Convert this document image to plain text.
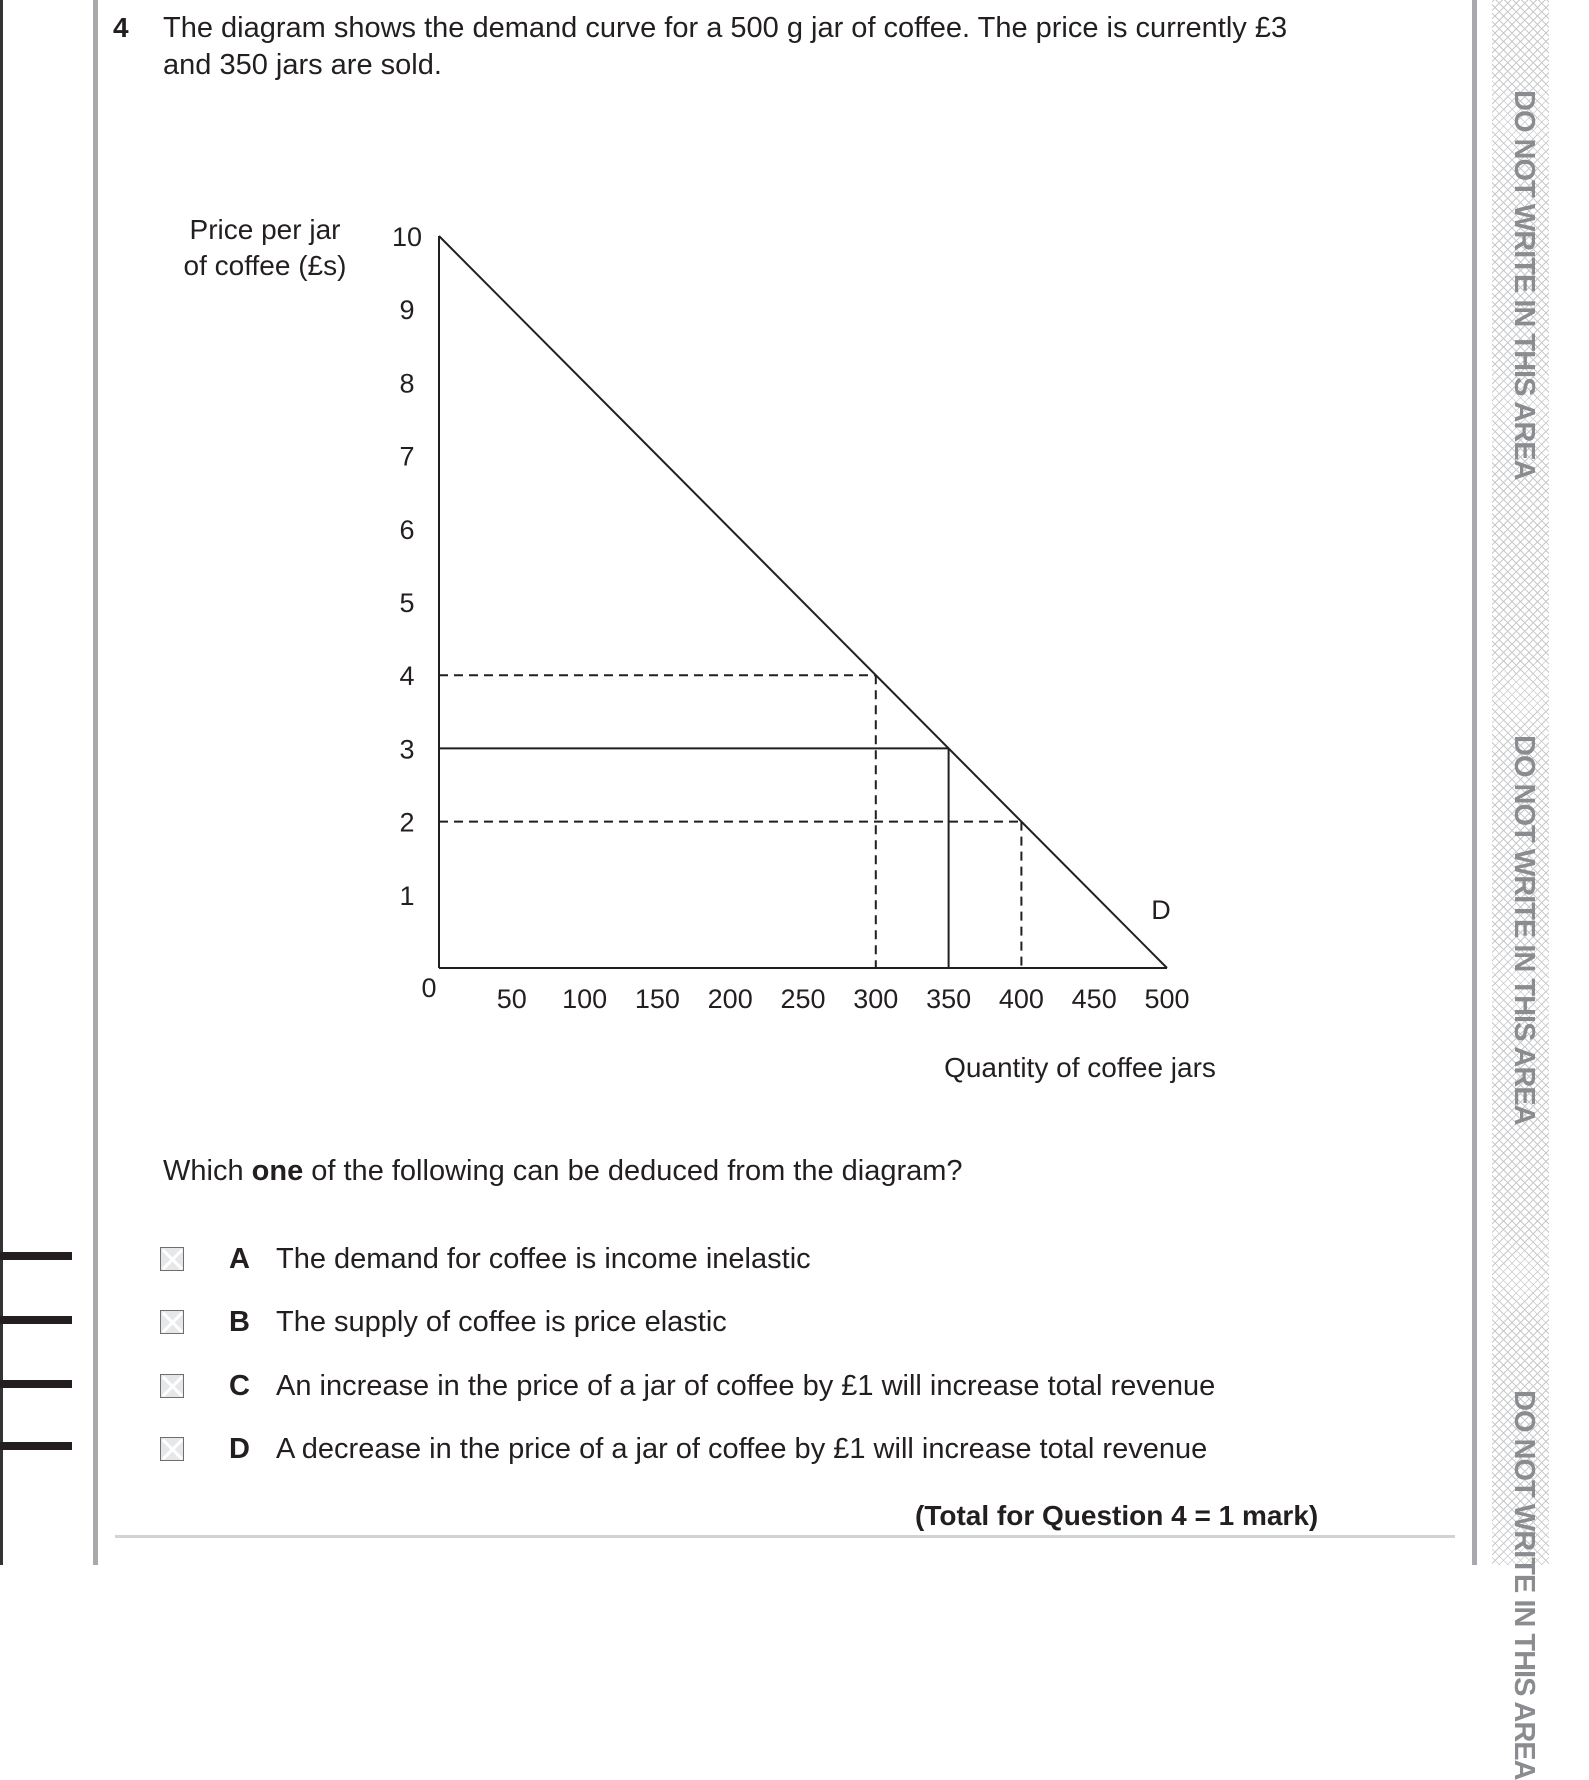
DO NOT WRITE IN THIS AREA
DO NOT WRITE IN THIS AREA
DO NOT WRITE IN THIS AREA
4 The diagram shows the demand curve for a 500 g jar of coffee. The price is currently £3 and 350 jars are sold.
1
2
3
4
5
6
7
8
9
10
50 100 150 200 250 300 350 400 450 500
Price per jar
of coffee (£s)
Quantity of coffee jars
0
D
Which one of the following can be deduced from the diagram?
A The demand for coffee is income inelastic
B The supply of coffee is price elastic
C An increase in the price of a jar of coffee by £1 will increase total revenue
D A decrease in the price of a jar of coffee by £1 will increase total revenue
(Total for Question 4 = 1 mark)
